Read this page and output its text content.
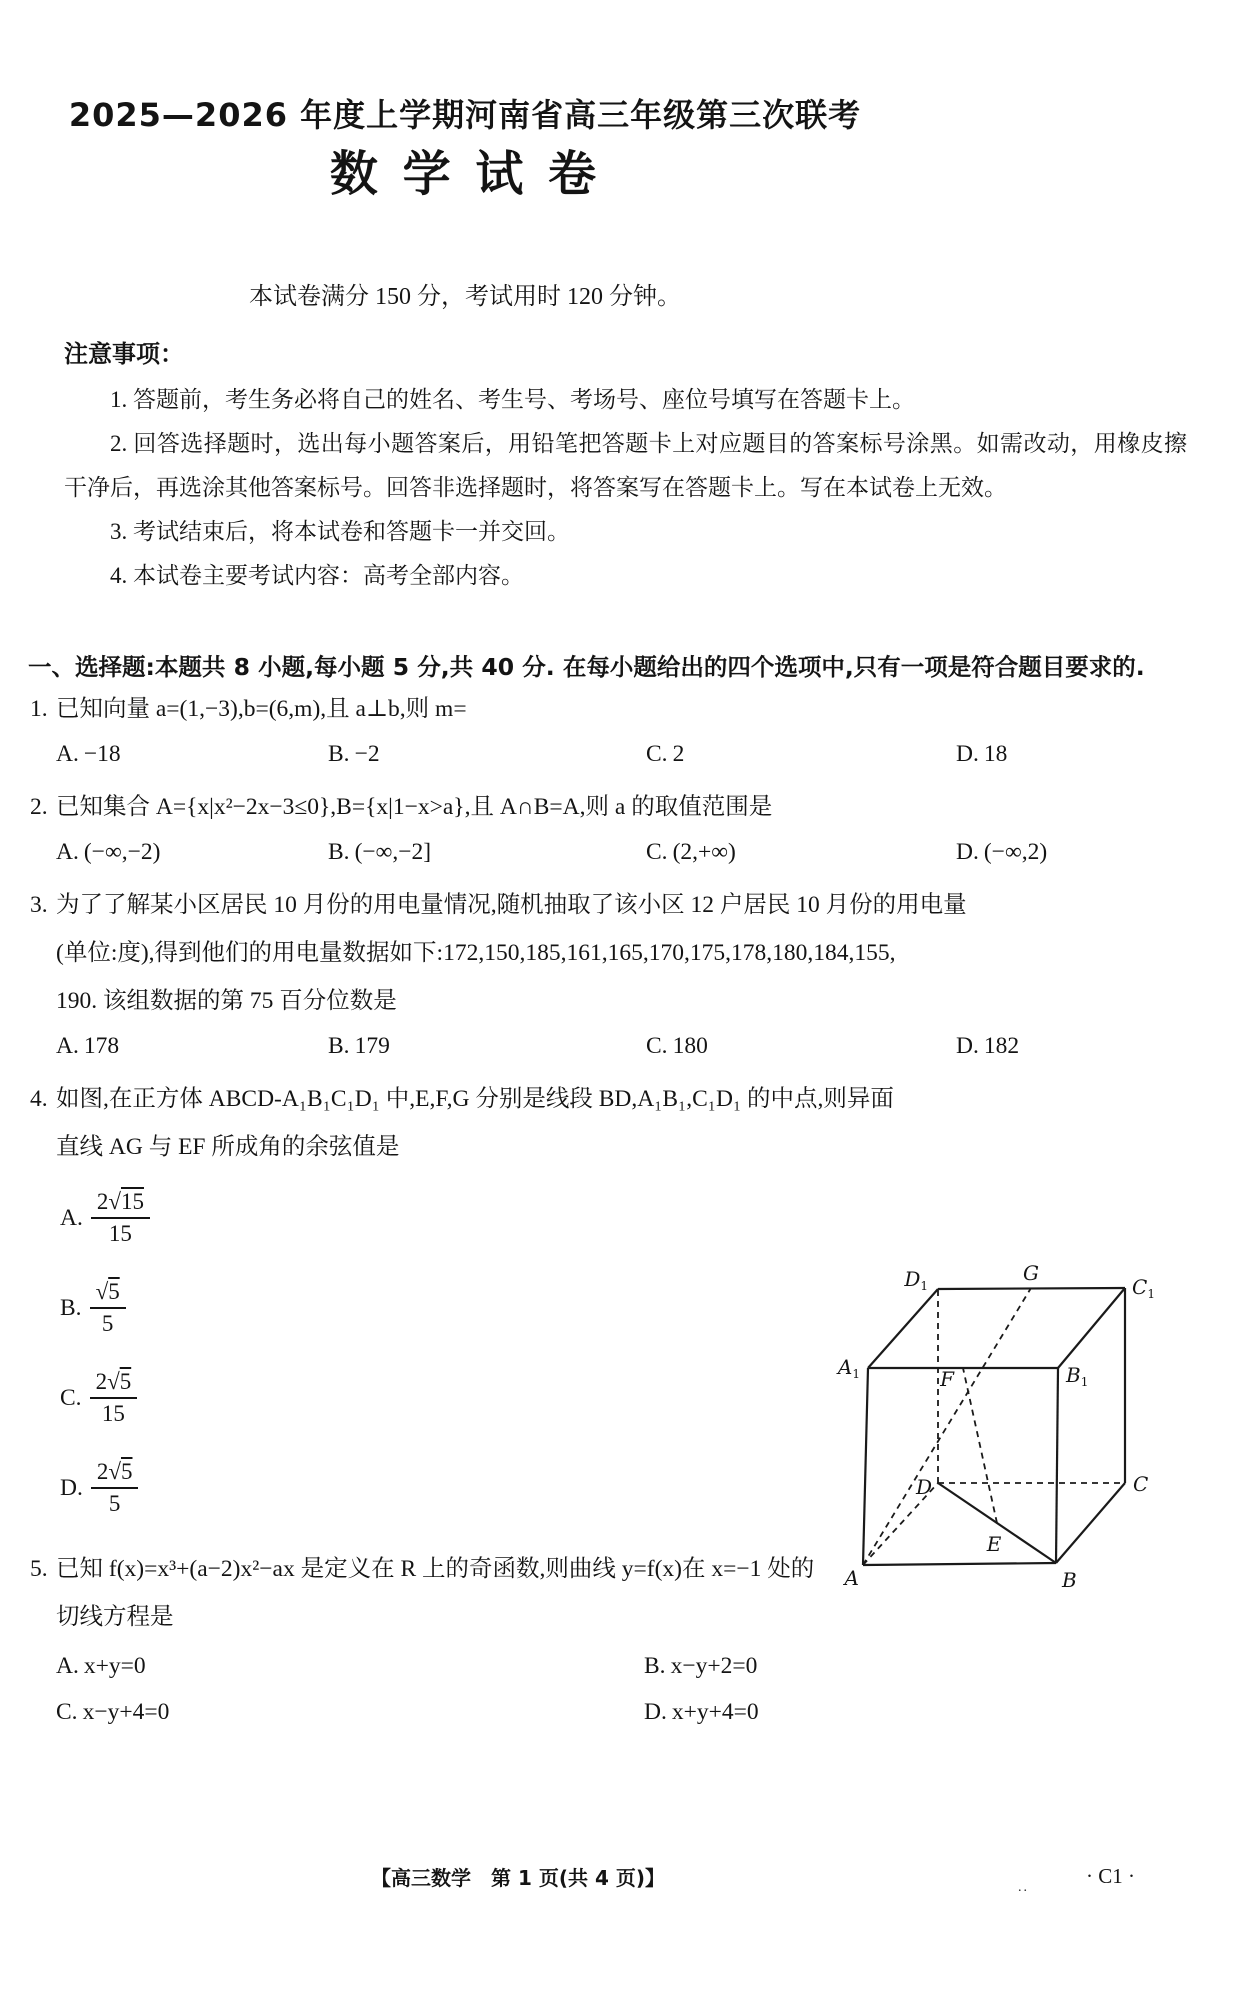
2025—2026 年度上学期河南省高三年级第三次联考
数 学 试 卷
本试卷满分 150 分，考试用时 120 分钟。
注意事项：

1. 答题前，考生务必将自己的姓名、考生号、考场号、座位号填写在答题卡上。

2. 回答选择题时，选出每小题答案后，用铅笔把答题卡上对应题目的答案标号涂黑。如需改动，用橡皮擦干净后，再选涂其他答案标号。回答非选择题时，将答案写在答题卡上。写在本试卷上无效。

3. 考试结束后，将本试卷和答题卡一并交回。

4. 本试卷主要考试内容：高考全部内容。

一、选择题:本题共 8 小题,每小题 5 分,共 40 分. 在每小题给出的四个选项中,只有一项是符合题目要求的.
1. 已知向量 a=(1,−3),b=(6,m),且 a⊥b,则 m=
A. −18	B. −2	C. 2	D. 18
2. 已知集合 A={x|x²−2x−3≤0},B={x|1−x>a},且 A∩B=A,则 a 的取值范围是
A. (−∞,−2)	B. (−∞,−2]	C. (2,+∞)	D. (−∞,2)
3. 为了了解某小区居民 10 月份的用电量情况,随机抽取了该小区 12 户居民 10 月份的用电量
(单位:度),得到他们的用电量数据如下:172,150,185,161,165,170,175,178,180,184,155,
190. 该组数据的第 75 百分位数是
A. 178	B. 179	C. 180	D. 182
4. 如图,在正方体 ABCD-A₁B₁C₁D₁ 中,E,F,G 分别是线段 BD,A₁B₁,C₁D₁ 的中点,则异面
直线 AG 与 EF 所成角的余弦值是
A. $\frac{2√15}{15}$
B. $\frac{√5}{5}$
C. $\frac{2√5}{15}$
D. $\frac{2√5}{5}$
5. 已知 f(x)=x³+(a−2)x²−ax 是定义在 R 上的奇函数,则曲线 y=f(x)在 x=−1 处的
切线方程是
A. x+y=0	B. x−y+2=0
C. x−y+4=0	D. x+y+4=0
$D_1$
G
$C_1$
$A_1$	F	$B_1$
D	C
E
A	B
【高三数学　第 1 页(共 4 页)】	..	· C1 ·
